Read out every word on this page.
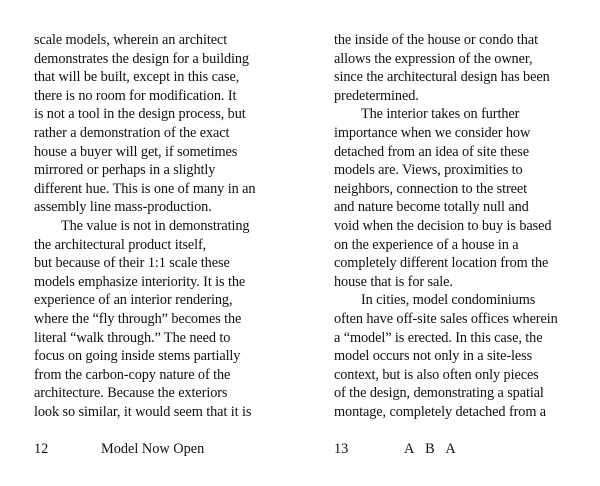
scale models, wherein an architect
demonstrates the design for a building
that will be built, except in this case,
there is no room for modification. It
is not a tool in the design process, but
rather a demonstration of the exact
house a buyer will get, if sometimes
mirrored or perhaps in a slightly
different hue. This is one of many in an
assembly line mass-production.
The value is not in demonstrating
the architectural product itself,
but because of their 1:1 scale these
models emphasize interiority. It is the
experience of an interior rendering,
where the “fly through” becomes the
literal “walk through.” The need to
focus on going inside stems partially
from the carbon-copy nature of the
architecture. Because the exteriors
look so similar, it would seem that it is
12	Model Now Open
the inside of the house or condo that
allows the expression of the owner,
since the architectural design has been
predetermined.
The interior takes on further
importance when we consider how
detached from an idea of site these
models are. Views, proximities to
neighbors, connection to the street
and nature become totally null and
void when the decision to buy is based
on the experience of a house in a
completely different location from the
house that is for sale.
In cities, model condominiums
often have off-site sales offices wherein
a “model” is erected. In this case, the
model occurs not only in a site-less
context, but is also often only pieces
of the design, demonstrating a spatial
montage, completely detached from a
13	A B A
